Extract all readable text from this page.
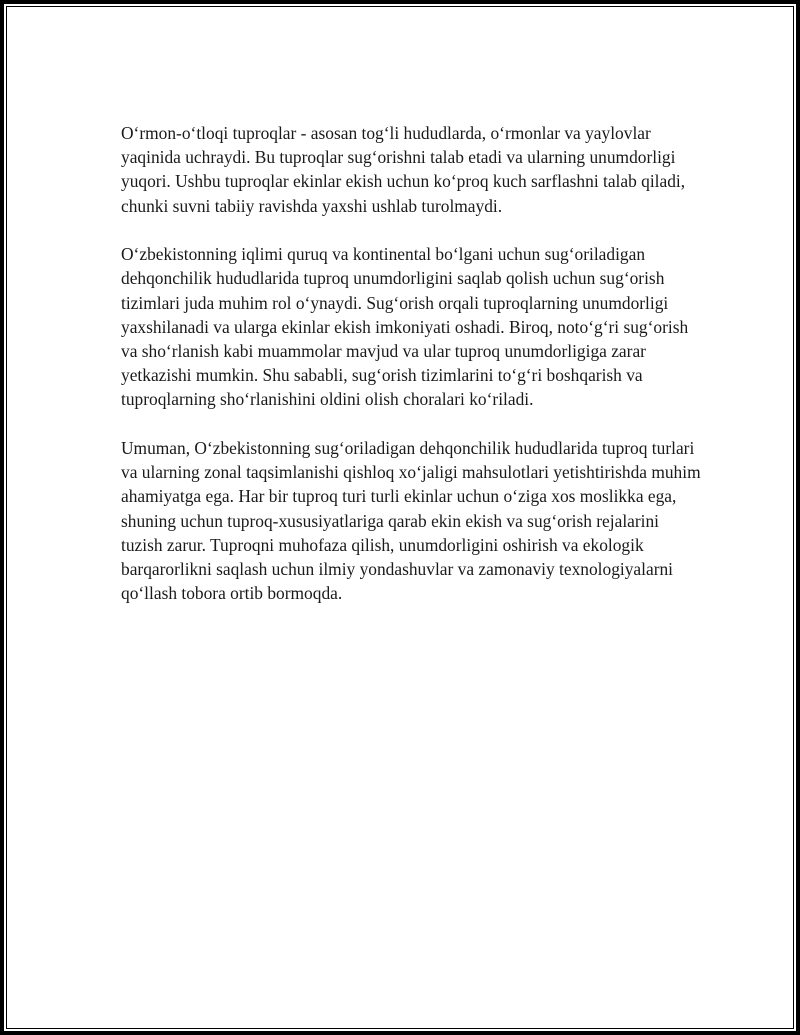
O‘rmon-o‘tloqi tuproqlar - asosan tog‘li hududlarda, o‘rmonlar va yaylovlar yaqinida uchraydi. Bu tuproqlar sug‘orishni talab etadi va ularning unumdorligi yuqori. Ushbu tuproqlar ekinlar ekish uchun ko‘proq kuch sarflashni talab qiladi, chunki suvni tabiiy ravishda yaxshi ushlab turolmaydi.

O‘zbekistonning iqlimi quruq va kontinental bo‘lgani uchun sug‘oriladigan dehqonchilik hududlarida tuproq unumdorligini saqlab qolish uchun sug‘orish tizimlari juda muhim rol o‘ynaydi. Sug‘orish orqali tuproqlarning unumdorligi yaxshilanadi va ularga ekinlar ekish imkoniyati oshadi. Biroq, noto‘g‘ri sug‘orish va sho‘rlanish kabi muammolar mavjud va ular tuproq unumdorligiga zarar yetkazishi mumkin. Shu sababli, sug‘orish tizimlarini to‘g‘ri boshqarish va tuproqlarning sho‘rlanishini oldini olish choralari ko‘riladi.

Umuman, O‘zbekistonning sug‘oriladigan dehqonchilik hududlarida tuproq turlari va ularning zonal taqsimlanishi qishloq xo‘jaligi mahsulotlari yetishtirishda muhim ahamiyatga ega. Har bir tuproq turi turli ekinlar uchun o‘ziga xos moslikka ega, shuning uchun tuproq-xususiyatlariga qarab ekin ekish va sug‘orish rejalarini tuzish zarur. Tuproqni muhofaza qilish, unumdorligini oshirish va ekologik barqarorlikni saqlash uchun ilmiy yondashuvlar va zamonaviy texnologiyalarni qo‘llash tobora ortib bormoqda.
